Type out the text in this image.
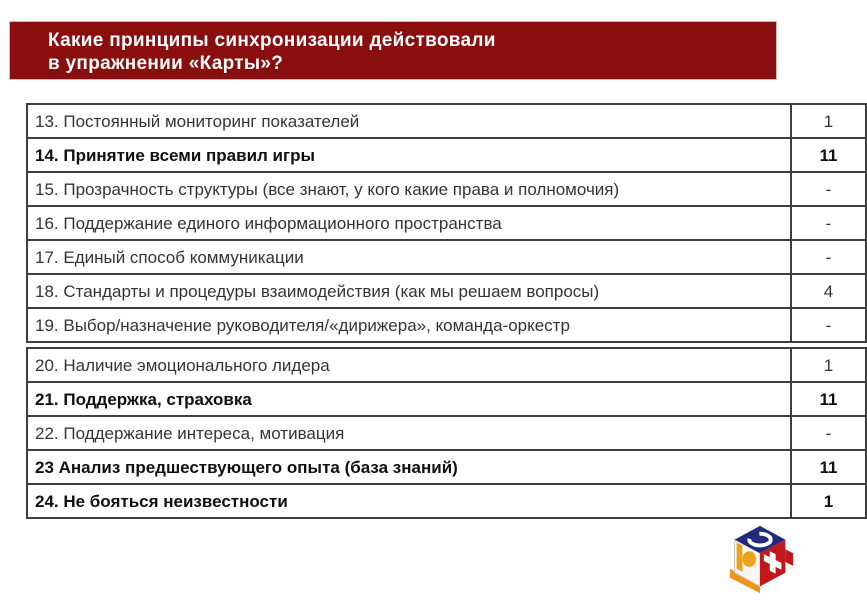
Какие принципы синхронизации действовали
в упражнении «Карты»?
13. Постоянный мониторинг показателей	1
14. Принятие всеми правил игры	11
15. Прозрачность структуры (все знают, у кого какие права и полномочия)	-
16. Поддержание единого информационного пространства	-
17. Единый способ коммуникации	-
18. Стандарты и процедуры взаимодействия (как мы решаем вопросы)	4
19. Выбор/назначение руководителя/«дирижера», команда-оркестр	-
20. Наличие эмоционального лидера	1
21. Поддержка, страховка	11
22. Поддержание интереса, мотивация	-
23 Анализ предшествующего опыта (база знаний)	11
24. Не бояться неизвестности	1
